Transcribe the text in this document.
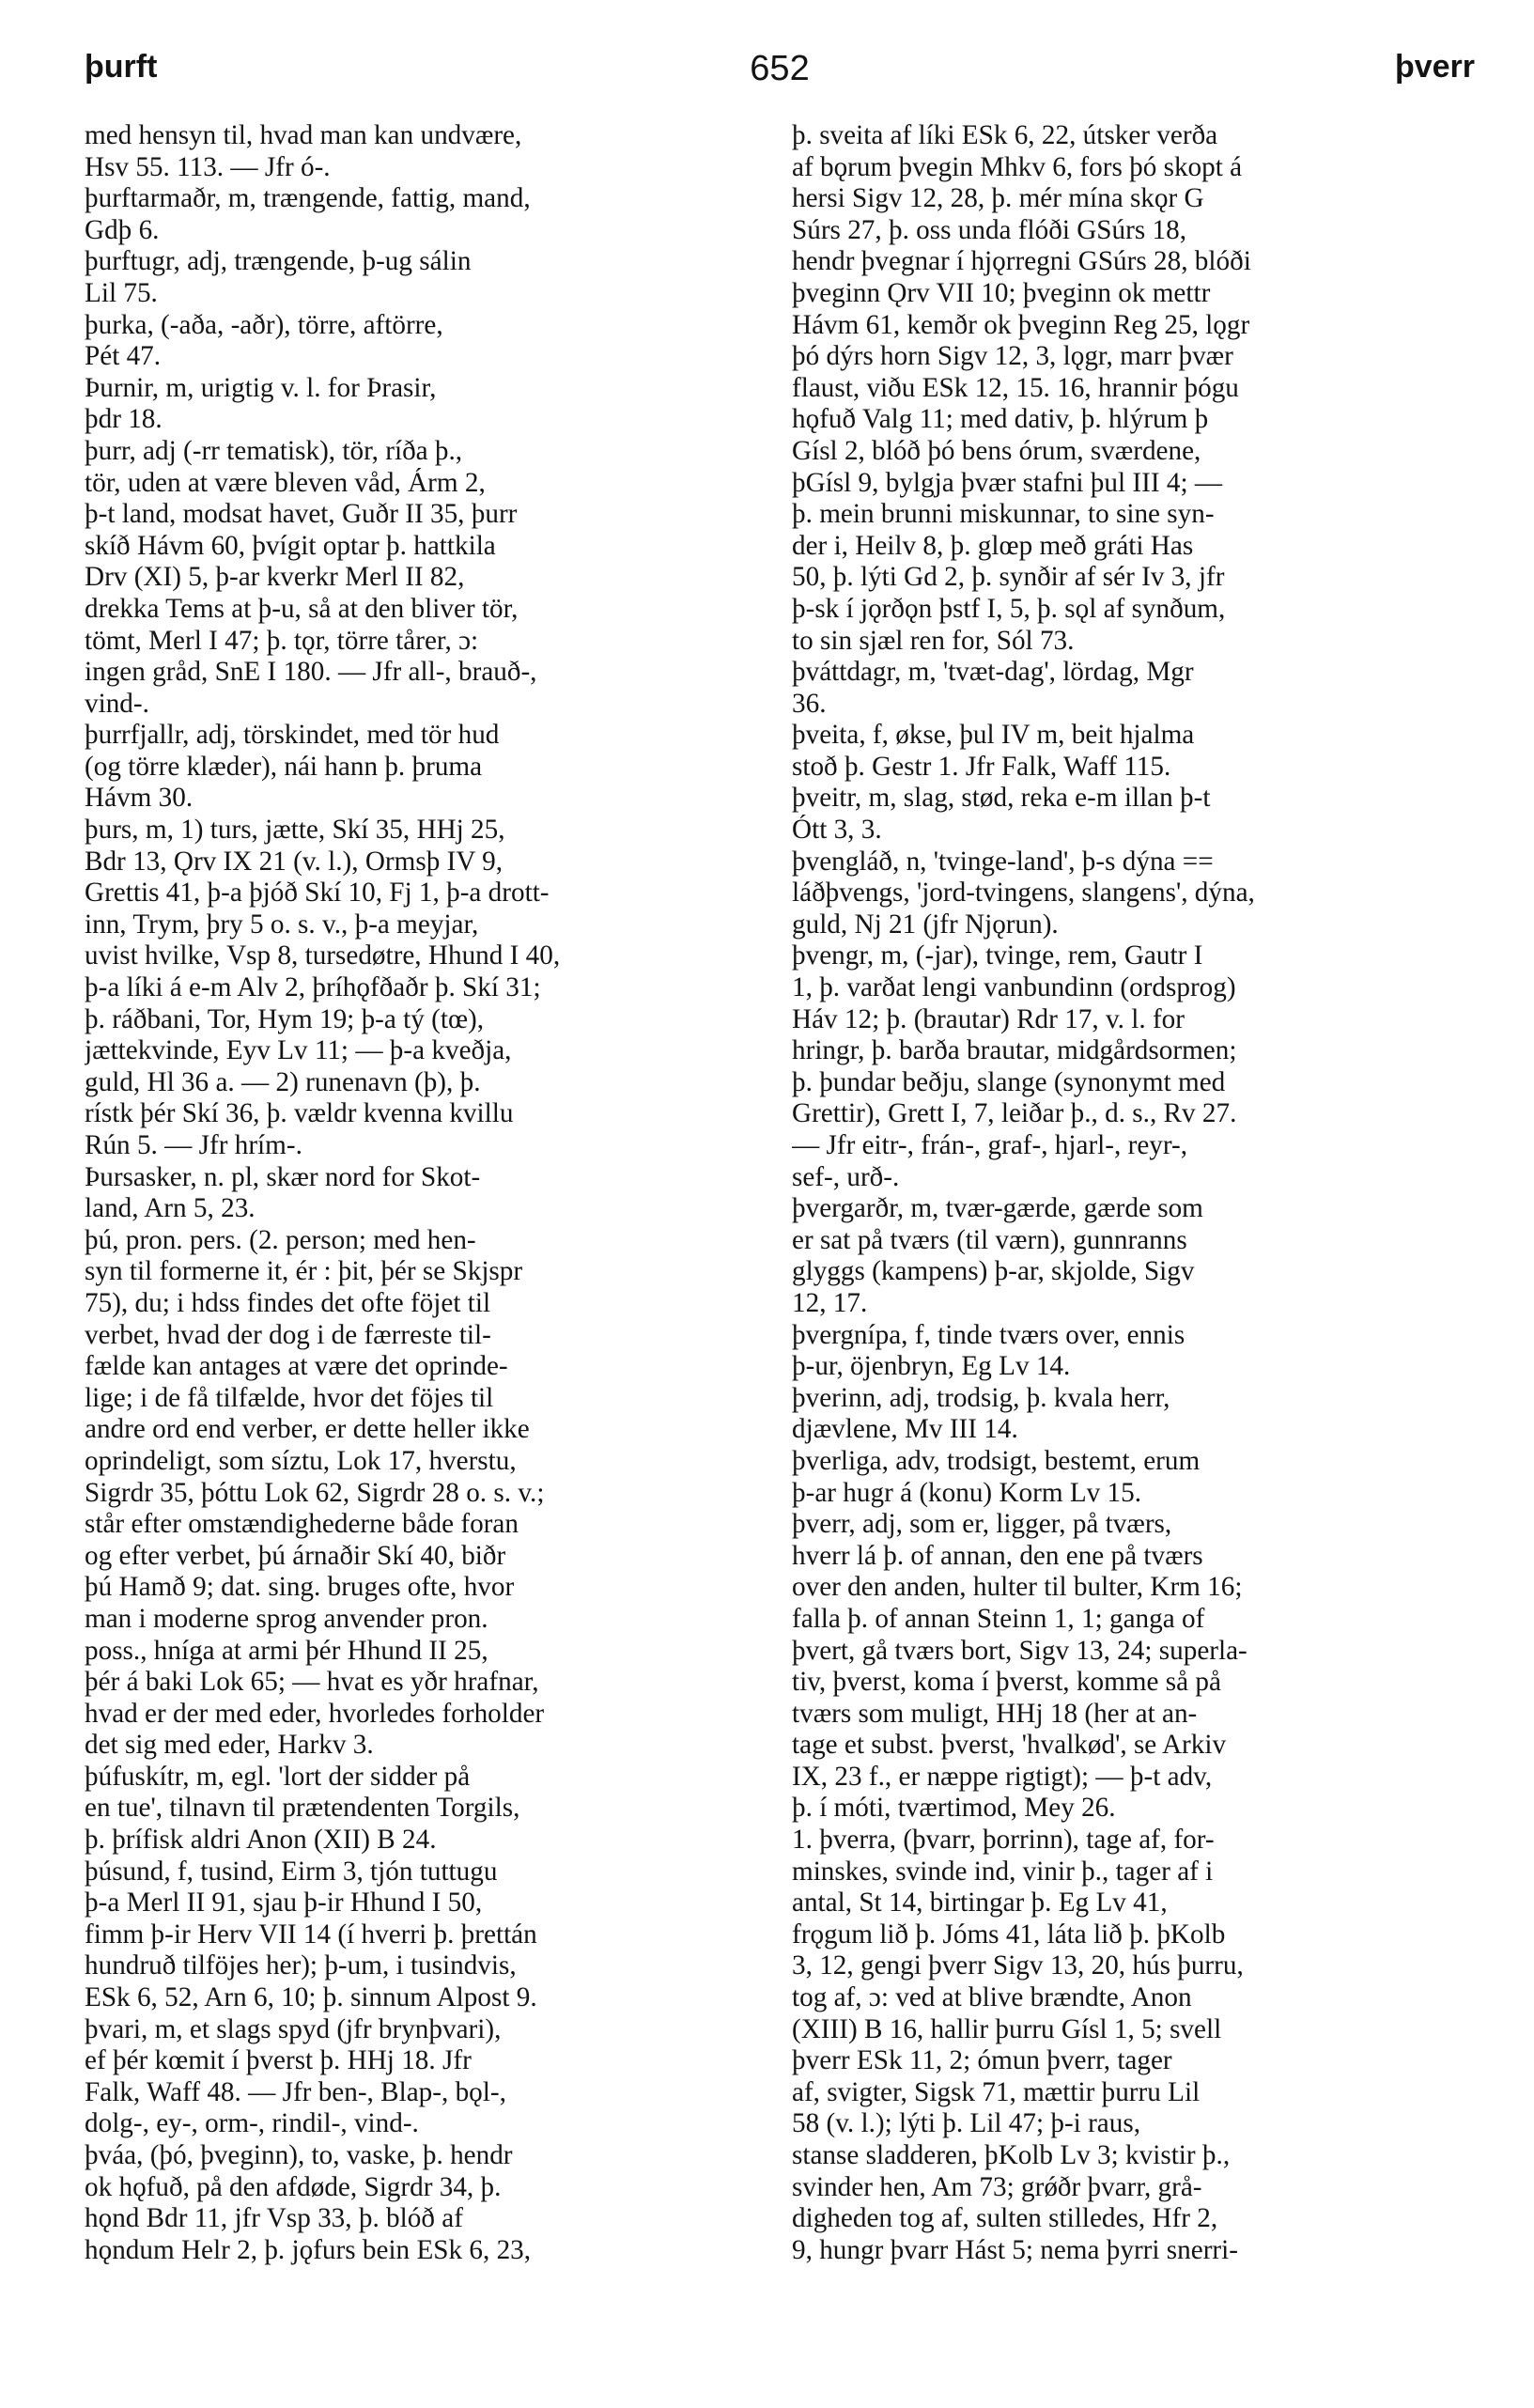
þurft	652	þverr
med hensyn til, hvad man kan undvære,
Hsv 55. 113. — Jfr ó-.
þurftarmaðr, m, trængende, fattig, mand,
Gdþ 6.
þurftugr, adj, trængende, þ-ug sálin
Lil 75.
þurka, (-aða, -aðr), törre, aftörre,
Pét 47.
Þurnir, m, urigtig v. l. for Þrasir,
þdr 18.
þurr, adj (-rr tematisk), tör, ríða þ.,
tör, uden at være bleven våd, Árm 2,
þ-t land, modsat havet, Guðr II 35, þurr
skíð Hávm 60, þvígit optar þ. hattkila
Drv (XI) 5, þ-ar kverkr Merl II 82,
drekka Tems at þ-u, så at den bliver tör,
tömt, Merl I 47; þ. tǫr, törre tårer, ɔ:
ingen gråd, SnE I 180. — Jfr all-, brauð-,
vind-.
þurrfjallr, adj, törskindet, med tör hud
(og törre klæder), nái hann þ. þruma
Hávm 30.
þurs, m, 1) turs, jætte, Skí 35, HHj 25,
Bdr 13, Ǫrv IX 21 (v. l.), Ormsþ IV 9,
Grettis 41, þ-a þjóð Skí 10, Fj 1, þ-a drott-
inn, Trym, þry 5 o. s. v., þ-a meyjar,
uvist hvilke, Vsp 8, tursedøtre, Hhund I 40,
þ-a líki á e-m Alv 2, þríhǫfðaðr þ. Skí 31;
þ. ráðbani, Tor, Hym 19; þ-a tý (tœ),
jættekvinde, Eyv Lv 11; — þ-a kveðja,
guld, Hl 36 a. — 2) runenavn (þ), þ.
rístk þér Skí 36, þ. vældr kvenna kvillu
Rún 5. — Jfr hrím-.
Þursasker, n. pl, skær nord for Skot-
land, Arn 5, 23.
þú, pron. pers. (2. person; med hen-
syn til formerne it, ér : þit, þér se Skjspr
75), du; i hdss findes det ofte föjet til
verbet, hvad der dog i de færreste til-
fælde kan antages at være det oprinde-
lige; i de få tilfælde, hvor det föjes til
andre ord end verber, er dette heller ikke
oprindeligt, som síztu, Lok 17, hverstu,
Sigrdr 35, þóttu Lok 62, Sigrdr 28 o. s. v.;
står efter omstændighederne både foran
og efter verbet, þú árnaðir Skí 40, biðr
þú Hamð 9; dat. sing. bruges ofte, hvor
man i moderne sprog anvender pron.
poss., hníga at armi þér Hhund II 25,
þér á baki Lok 65; — hvat es yðr hrafnar,
hvad er der med eder, hvorledes forholder
det sig med eder, Harkv 3.
þúfuskítr, m, egl. 'lort der sidder på
en tue', tilnavn til prætendenten Torgils,
þ. þrífisk aldri Anon (XII) B 24.
þúsund, f, tusind, Eirm 3, tjón tuttugu
þ-a Merl II 91, sjau þ-ir Hhund I 50,
fimm þ-ir Herv VII 14 (í hverri þ. þrettán
hundruð tilföjes her); þ-um, i tusindvis,
ESk 6, 52, Arn 6, 10; þ. sinnum Alpost 9.
þvari, m, et slags spyd (jfr brynþvari),
ef þér kœmit í þverst þ. HHj 18. Jfr
Falk, Waff 48. — Jfr ben-, Blap-, bǫl-,
dolg-, ey-, orm-, rindil-, vind-.
þváa, (þó, þveginn), to, vaske, þ. hendr
ok hǫfuð, på den afdøde, Sigrdr 34, þ.
hǫnd Bdr 11, jfr Vsp 33, þ. blóð af
hǫndum Helr 2, þ. jǫfurs bein ESk 6, 23,
þ. sveita af líki ESk 6, 22, útsker verða
af bǫrum þvegin Mhkv 6, fors þó skopt á
hersi Sigv 12, 28, þ. mér mína skǫr G
Súrs 27, þ. oss unda flóði GSúrs 18,
hendr þvegnar í hjǫrregni GSúrs 28, blóði
þveginn Ǫrv VII 10; þveginn ok mettr
Hávm 61, kemðr ok þveginn Reg 25, lǫgr
þó dýrs horn Sigv 12, 3, lǫgr, marr þvær
flaust, viðu ESk 12, 15. 16, hrannir þógu
hǫfuð Valg 11; med dativ, þ. hlýrum þ
Gísl 2, blóð þó bens órum, sværdene,
þGísl 9, bylgja þvær stafni þul III 4; —
þ. mein brunni miskunnar, to sine syn-
der i, Heilv 8, þ. glœp með gráti Has
50, þ. lýti Gd 2, þ. synðir af sér Iv 3, jfr
þ-sk í jǫrðǫn þstf I, 5, þ. sǫl af synðum,
to sin sjæl ren for, Sól 73.
þváttdagr, m, 'tvæt-dag', lördag, Mgr
36.
þveita, f, økse, þul IV m, beit hjalma
stoð þ. Gestr 1. Jfr Falk, Waff 115.
þveitr, m, slag, stød, reka e-m illan þ-t
Ótt 3, 3.
þvengláð, n, 'tvinge-land', þ-s dýna ==
láðþvengs, 'jord-tvingens, slangens', dýna,
guld, Nj 21 (jfr Njǫrun).
þvengr, m, (-jar), tvinge, rem, Gautr I
1, þ. varðat lengi vanbundinn (ordsprog)
Háv 12; þ. (brautar) Rdr 17, v. l. for
hringr, þ. barða brautar, midgårdsormen;
þ. þundar beðju, slange (synonymt med
Grettir), Grett I, 7, leiðar þ., d. s., Rv 27.
— Jfr eitr-, frán-, graf-, hjarl-, reyr-,
sef-, urð-.
þvergarðr, m, tvær-gærde, gærde som
er sat på tværs (til værn), gunnranns
glyggs (kampens) þ-ar, skjolde, Sigv
12, 17.
þvergnípa, f, tinde tværs over, ennis
þ-ur, öjenbryn, Eg Lv 14.
þverinn, adj, trodsig, þ. kvala herr,
djævlene, Mv III 14.
þverliga, adv, trodsigt, bestemt, erum
þ-ar hugr á (konu) Korm Lv 15.
þverr, adj, som er, ligger, på tværs,
hverr lá þ. of annan, den ene på tværs
over den anden, hulter til bulter, Krm 16;
falla þ. of annan Steinn 1, 1; ganga of
þvert, gå tværs bort, Sigv 13, 24; superla-
tiv, þverst, koma í þverst, komme så på
tværs som muligt, HHj 18 (her at an-
tage et subst. þverst, 'hvalkød', se Arkiv
IX, 23 f., er næppe rigtigt); — þ-t adv,
þ. í móti, tværtimod, Mey 26.
1. þverra, (þvarr, þorrinn), tage af, for-
minskes, svinde ind, vinir þ., tager af i
antal, St 14, birtingar þ. Eg Lv 41,
frǫgum lið þ. Jóms 41, láta lið þ. þKolb
3, 12, gengi þverr Sigv 13, 20, hús þurru,
tog af, ɔ: ved at blive brændte, Anon
(XIII) B 16, hallir þurru Gísl 1, 5; svell
þverr ESk 11, 2; ómun þverr, tager
af, svigter, Sigsk 71, mættir þurru Lil
58 (v. l.); lýti þ. Lil 47; þ-i raus,
stanse sladderen, þKolb Lv 3; kvistir þ.,
svinder hen, Am 73; grǿðr þvarr, grå-
digheden tog af, sulten stilledes, Hfr 2,
9, hungr þvarr Hást 5; nema þyrri snerri-
